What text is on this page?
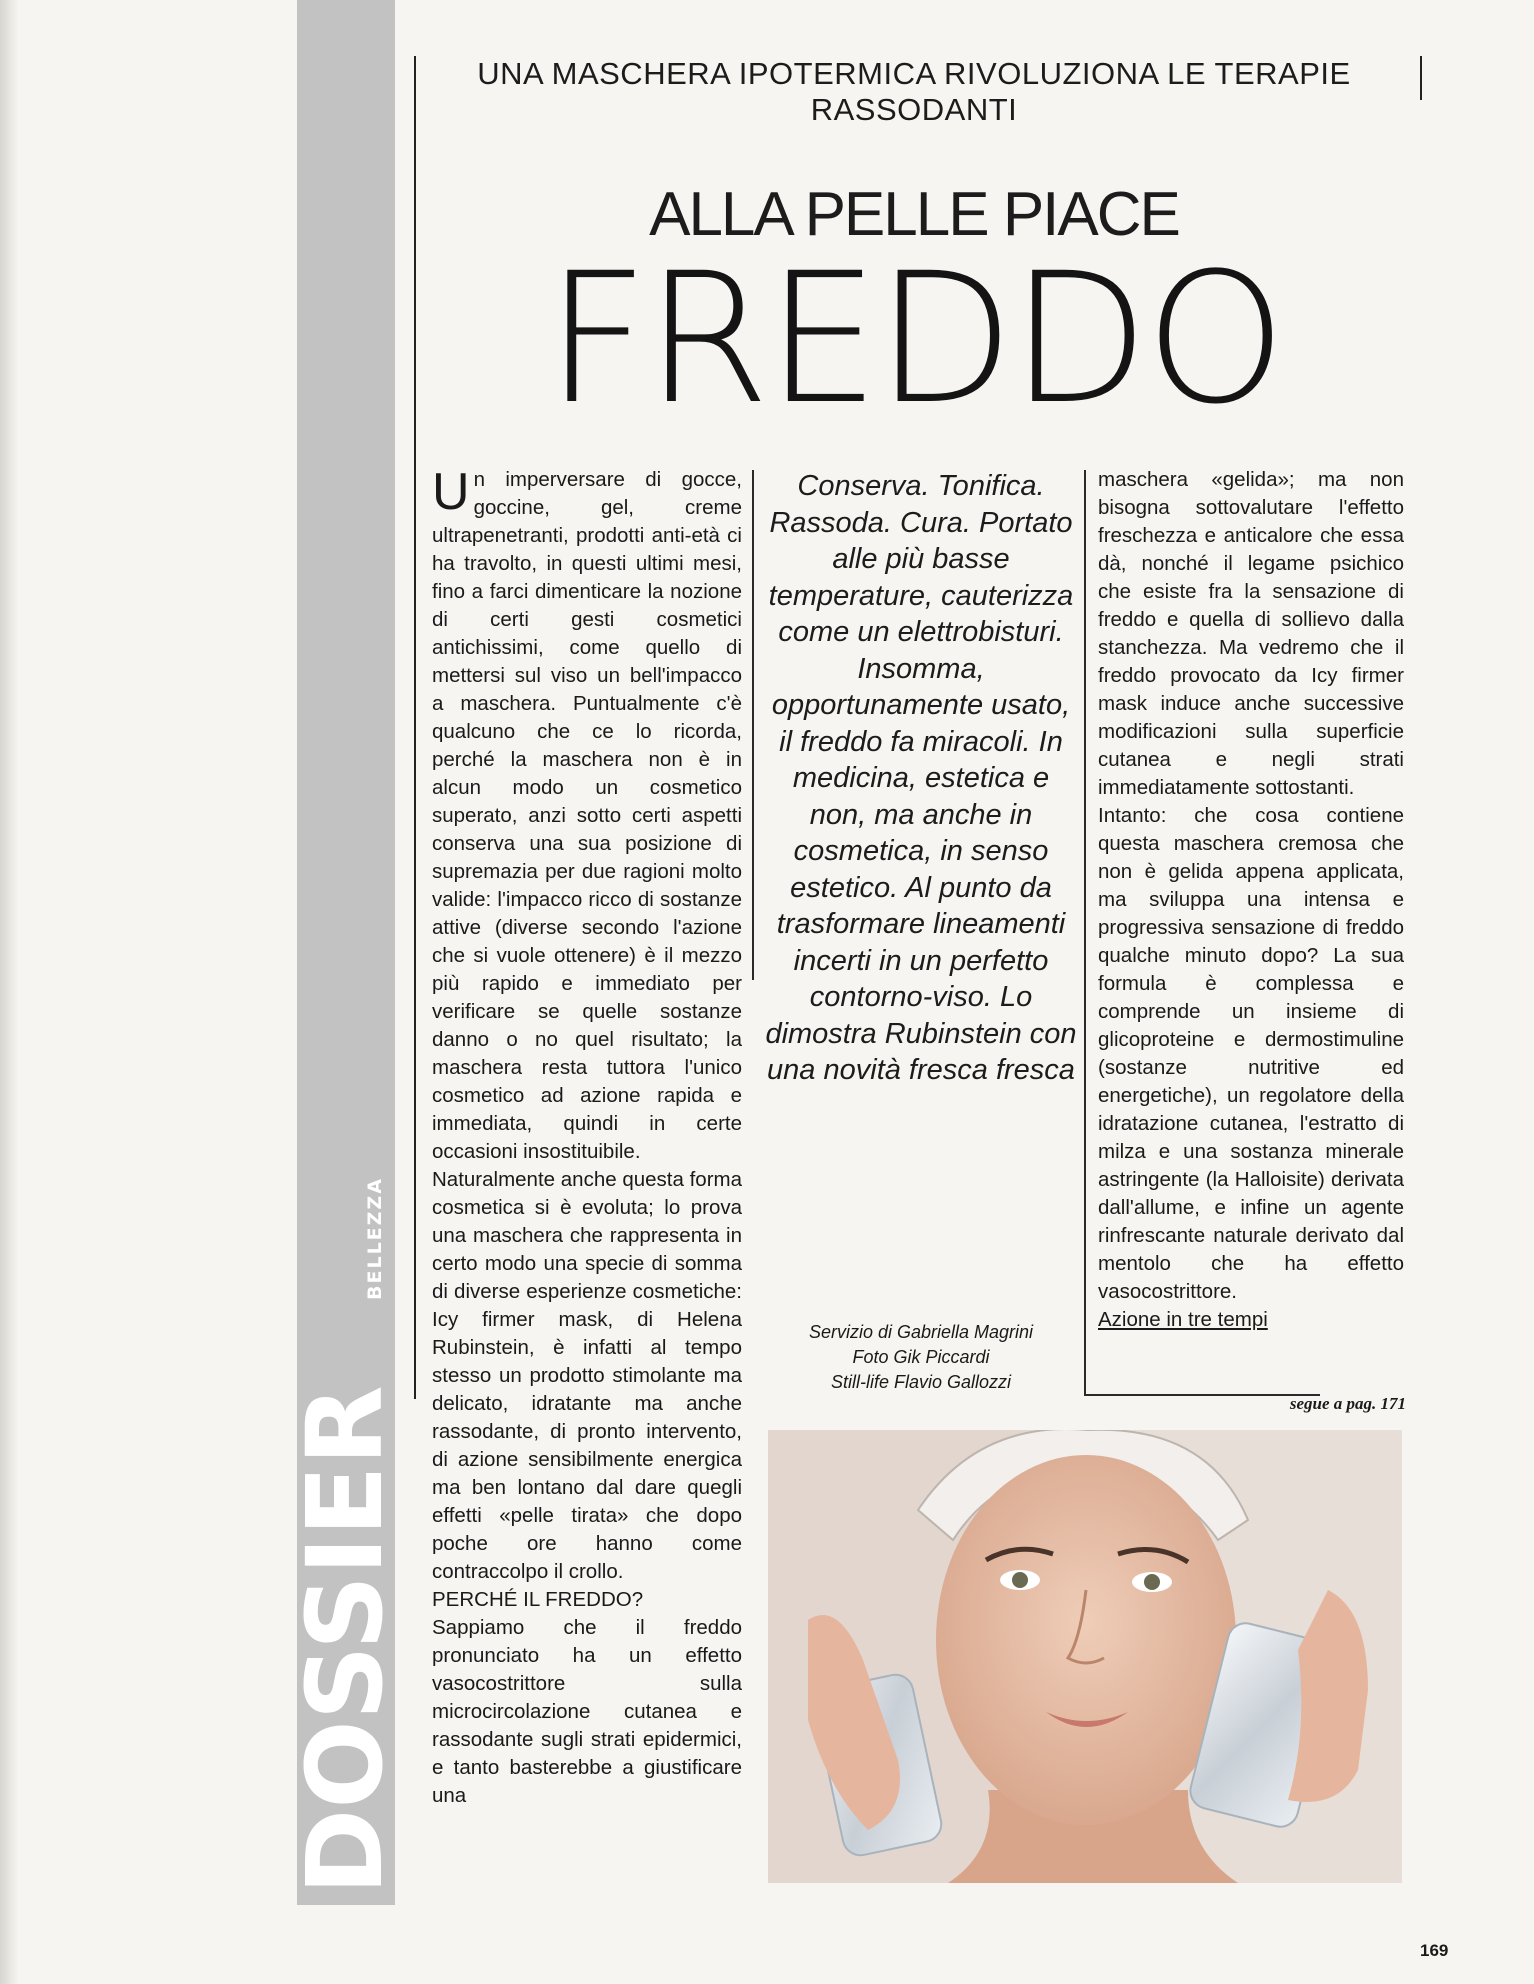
DOSSIER
BELLEZZA
UNA MASCHERA IPOTERMICA RIVOLUZIONA LE TERAPIE RASSODANTI
ALLA PELLE PIACE
FREDDO

Un imperversare di gocce, goccine, gel, creme ultrapenetranti, prodotti anti-età ci ha travolto, in questi ultimi mesi, fino a farci dimenticare la nozione di certi gesti cosmetici antichissimi, come quello di mettersi sul viso un bell'impacco a maschera. Puntualmente c'è qualcuno che ce lo ricorda, perché la maschera non è in alcun modo un cosmetico superato, anzi sotto certi aspetti conserva una sua posizione di supremazia per due ragioni molto valide: l'impacco ricco di sostanze attive (diverse secondo l'azione che si vuole ottenere) è il mezzo più rapido e immediato per verificare se quelle sostanze danno o no quel risultato; la maschera resta tuttora l'unico cosmetico ad azione rapida e immediata, quindi in certe occasioni insostituibile.

Naturalmente anche questa forma cosmetica si è evoluta; lo prova una maschera che rappresenta in certo modo una specie di somma di diverse esperienze cosmetiche: Icy firmer mask, di Helena Rubinstein, è infatti al tempo stesso un prodotto stimolante ma delicato, idratante ma anche rassodante, di pronto intervento, di azione sensibilmente energica ma ben lontano dal dare quegli effetti «pelle tirata» che dopo poche ore hanno come contraccolpo il crollo.

PERCHÉ IL FREDDO?

Sappiamo che il freddo pronunciato ha un effetto vasocostrittore sulla microcircolazione cutanea e rassodante sugli strati epidermici, e tanto basterebbe a giustificare una

Conserva. Tonifica. Rassoda. Cura. Portato alle più basse temperature, cauterizza come un elettrobisturi. Insomma, opportunamente usato, il freddo fa miracoli. In medicina, estetica e non, ma anche in cosmetica, in senso estetico. Al punto da trasformare lineamenti incerti in un perfetto contorno-viso. Lo dimostra Rubinstein con una novità fresca fresca
Servizio di Gabriella Magrini
Foto Gik Piccardi
Still-life Flavio Gallozzi

maschera «gelida»; ma non bisogna sottovalutare l'effetto freschezza e anticalore che essa dà, nonché il legame psichico che esiste fra la sensazione di freddo e quella di sollievo dalla stanchezza. Ma vedremo che il freddo provocato da Icy firmer mask induce anche successive modificazioni sulla superficie cutanea e negli strati immediatamente sottostanti.

Intanto: che cosa contiene questa maschera cremosa che non è gelida appena applicata, ma sviluppa una intensa e progressiva sensazione di freddo qualche minuto dopo? La sua formula è complessa e comprende un insieme di glicoproteine e dermostimuline (sostanze nutritive ed energetiche), un regolatore della idratazione cutanea, l'estratto di milza e una sostanza minerale astringente (la Halloisite) derivata dall'allume, e infine un agente rinfrescante naturale derivato dal mentolo che ha effetto vasocostrittore.

Azione in tre tempi
segue a pag. 171
169
